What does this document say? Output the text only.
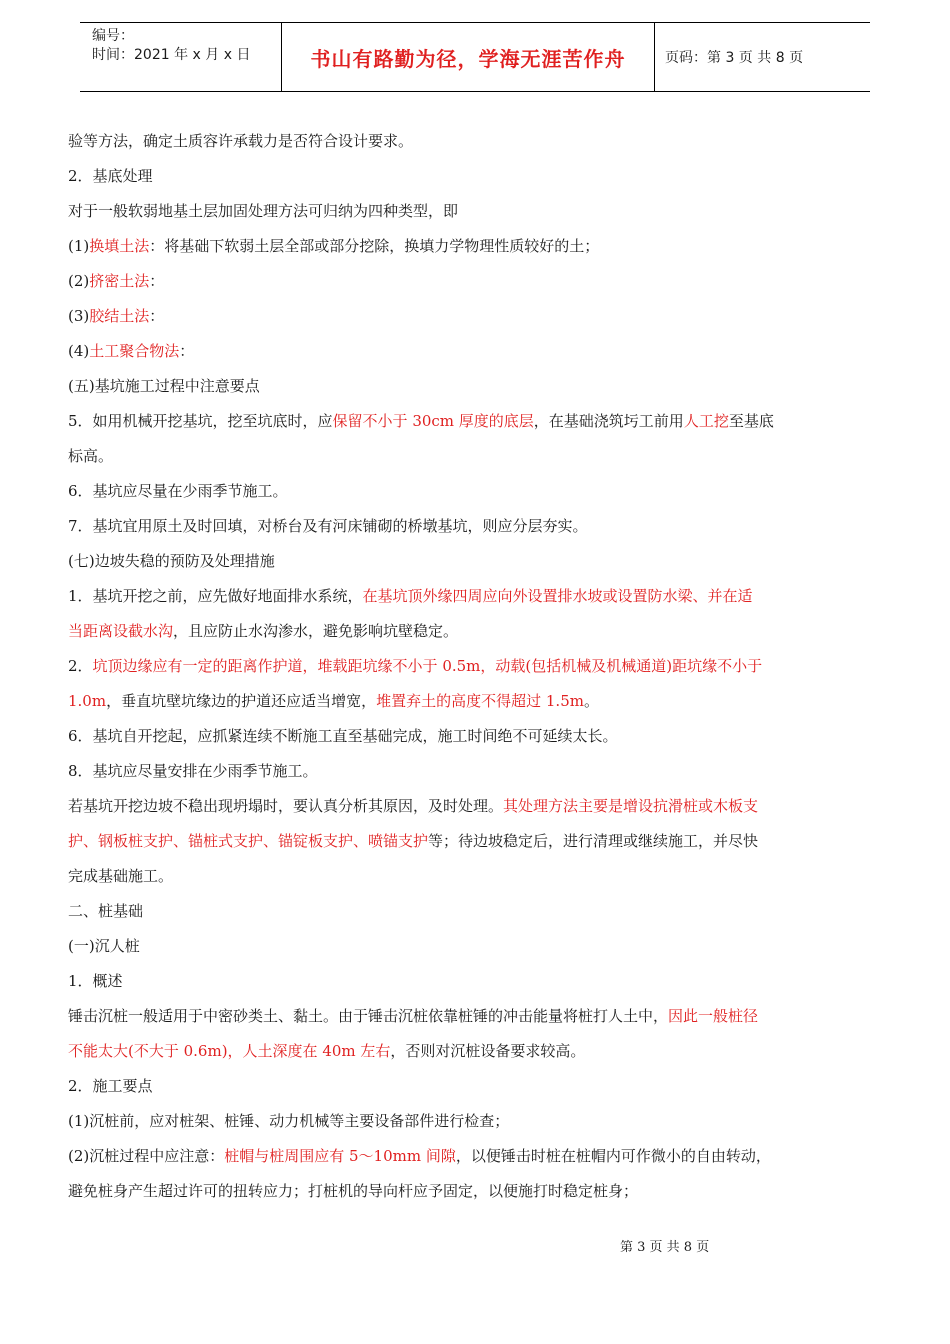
编号：
时间：2021 年 x 月 x 日	书山有路勤为径，学海无涯苦作舟	页码：第 3 页 共 8 页

验等方法，确定土质容许承载力是否符合设计要求。

2．基底处理

对于一般软弱地基土层加固处理方法可归纳为四种类型，即

(1)换填土法：将基础下软弱土层全部或部分挖除，换填力学物理性质较好的土；

(2)挤密土法：

(3)胶结土法：

(4)土工聚合物法：

(五)基坑施工过程中注意要点

5．如用机械开挖基坑，挖至坑底时，应保留不小于 30cm 厚度的底层，在基础浇筑圬工前用人工挖至基底

标高。

6．基坑应尽量在少雨季节施工。

7．基坑宜用原土及时回填，对桥台及有河床铺砌的桥墩基坑，则应分层夯实。

(七)边坡失稳的预防及处理措施

1．基坑开挖之前，应先做好地面排水系统，在基坑顶外缘四周应向外设置排水坡或设置防水梁、并在适

当距离设截水沟，且应防止水沟渗水，避免影响坑壁稳定。

2．坑顶边缘应有一定的距离作护道，堆载距坑缘不小于 0.5m，动载(包括机械及机械通道)距坑缘不小于

1.0m，垂直坑壁坑缘边的护道还应适当增宽，堆置弃土的高度不得超过 1.5m。

6．基坑自开挖起，应抓紧连续不断施工直至基础完成，施工时间绝不可延续太长。

8．基坑应尽量安排在少雨季节施工。

若基坑开挖边坡不稳出现坍塌时，要认真分析其原因，及时处理。其处理方法主要是增设抗滑桩或木板支

护、钢板桩支护、锚桩式支护、锚锭板支护、喷锚支护等；待边坡稳定后，进行清理或继续施工，并尽快

完成基础施工。

二、桩基础

(一)沉人桩

1．概述

锤击沉桩一般适用于中密砂类土、黏土。由于锤击沉桩依靠桩锤的冲击能量将桩打人土中，因此一般桩径

不能太大(不大于 0.6m)，人土深度在 40m 左右，否则对沉桩设备要求较高。

2．施工要点

(1)沉桩前，应对桩架、桩锤、动力机械等主要设备部件进行检查；

(2)沉桩过程中应注意：桩帽与桩周围应有 5～10mm 间隙，以便锤击时桩在桩帽内可作微小的自由转动，

避免桩身产生超过许可的扭转应力；打桩机的导向杆应予固定，以便施打时稳定桩身；

第 3 页 共 8 页
